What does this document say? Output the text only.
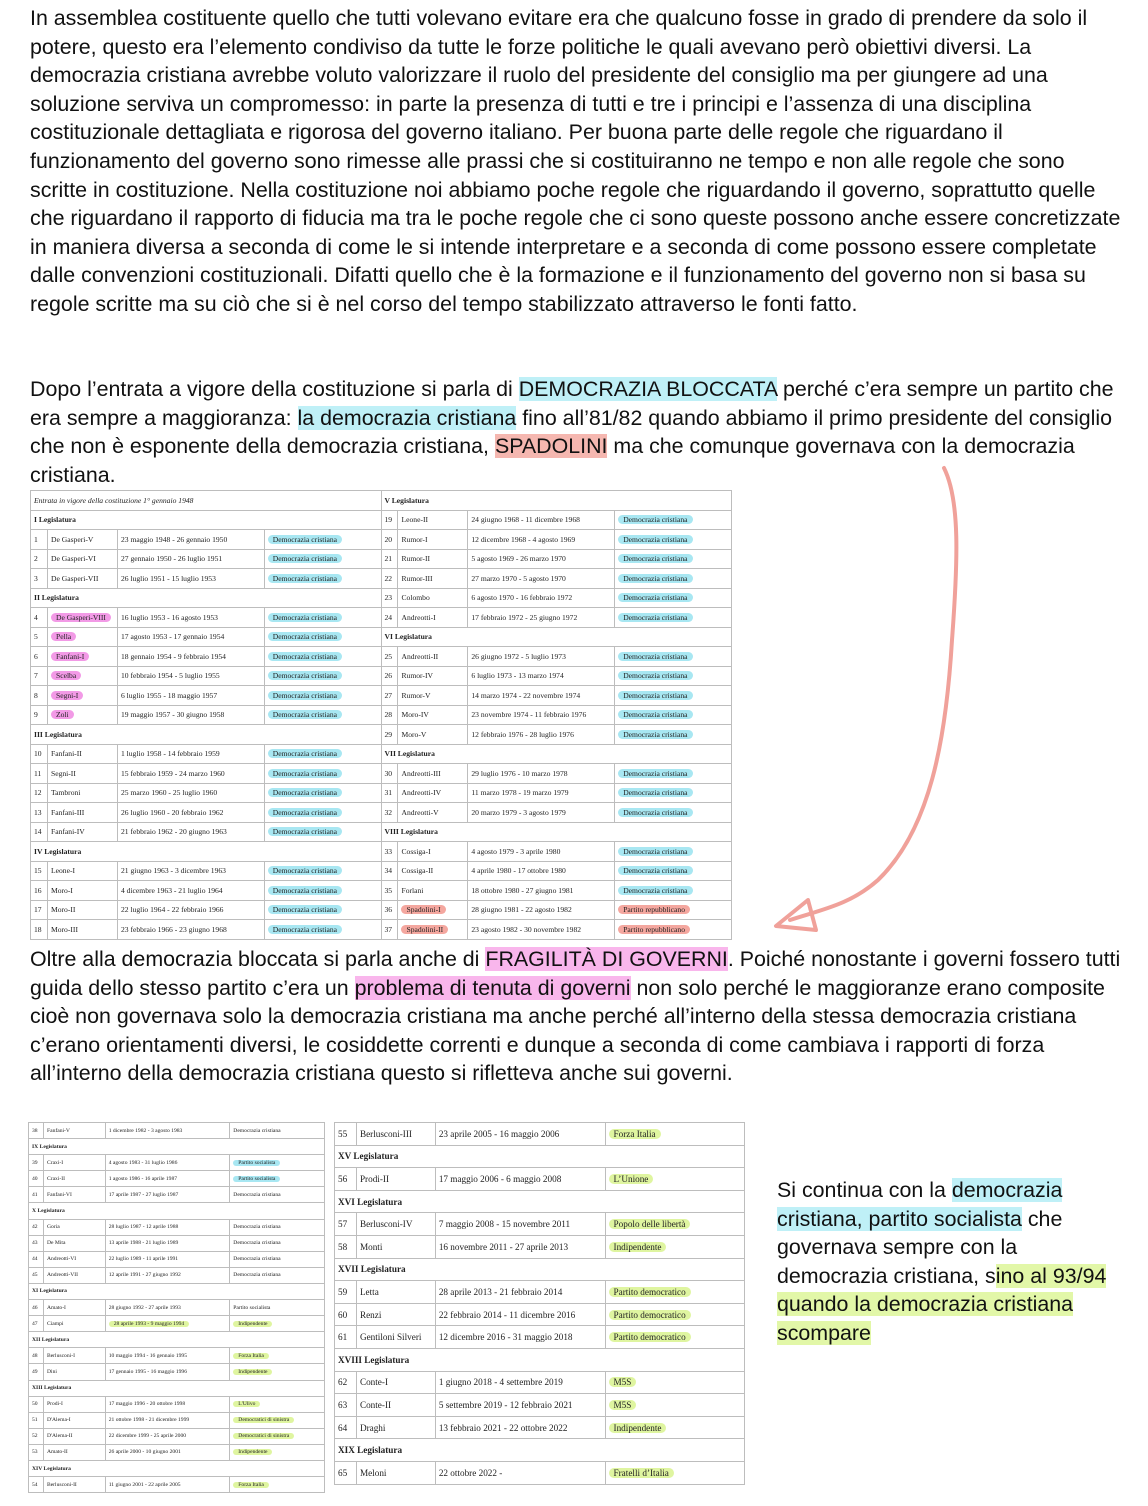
In assemblea costituente quello che tutti volevano evitare era che qualcuno fosse in grado di prendere da solo il potere, questo era l’elemento condiviso da tutte le forze politiche le quali avevano però obiettivi diversi. La democrazia cristiana avrebbe voluto valorizzare il ruolo del presidente del consiglio ma per giungere ad una soluzione serviva un compromesso: in parte la presenza di tutti e tre i principi e l’assenza di una disciplina costituzionale dettagliata e rigorosa del governo italiano. Per buona parte delle regole che riguardano il funzionamento del governo sono rimesse alle prassi che si costituiranno ne tempo e non alle regole che sono scritte in costituzione. Nella costituzione noi abbiamo poche regole che riguardando il governo, soprattutto quelle che riguardano il rapporto di fiducia ma tra le poche regole che ci sono queste possono anche essere concretizzate in maniera diversa a seconda di come le si intende interpretare e a seconda di come possono essere completate dalle convenzioni costituzionali. Difatti quello che è la formazione e il funzionamento del governo non si basa su regole scritte ma su ciò che si è nel corso del tempo stabilizzato attraverso le fonti fatto.

Dopo l’entrata a vigore della costituzione si parla di DEMOCRAZIA BLOCCATA perché c’era sempre un partito che era sempre a maggioranza: la democrazia cristiana fino all’81/82 quando abbiamo il primo presidente del consiglio che non è esponente della democrazia cristiana, SPADOLINI ma che comunque governava con la democrazia cristiana.

Entrata in vigore della costituzione 1° gennaio 1948				V Legislatura			
I Legislatura				19	Leone-II	24 giugno 1968 - 11 dicembre 1968	Democrazia cristiana
1	De Gasperi-V	23 maggio 1948 - 26 gennaio 1950	Democrazia cristiana	20	Rumor-I	12 dicembre 1968 - 4 agosto 1969	Democrazia cristiana
2	De Gasperi-VI	27 gennaio 1950 - 26 luglio 1951	Democrazia cristiana	21	Rumor-II	5 agosto 1969 - 26 marzo 1970	Democrazia cristiana
3	De Gasperi-VII	26 luglio 1951 - 15 luglio 1953	Democrazia cristiana	22	Rumor-III	27 marzo 1970 - 5 agosto 1970	Democrazia cristiana
II Legislatura				23	Colombo	6 agosto 1970 - 16 febbraio 1972	Democrazia cristiana
4	De Gasperi-VIII	16 luglio 1953 - 16 agosto 1953	Democrazia cristiana	24	Andreotti-I	17 febbraio 1972 - 25 giugno 1972	Democrazia cristiana
5	Pella	17 agosto 1953 - 17 gennaio 1954	Democrazia cristiana	VI Legislatura			
6	Fanfani-I	18 gennaio 1954 - 9 febbraio 1954	Democrazia cristiana	25	Andreotti-II	26 giugno 1972 - 5 luglio 1973	Democrazia cristiana
7	Scelba	10 febbraio 1954 - 5 luglio 1955	Democrazia cristiana	26	Rumor-IV	6 luglio 1973 - 13 marzo 1974	Democrazia cristiana
8	Segni-I	6 luglio 1955 - 18 maggio 1957	Democrazia cristiana	27	Rumor-V	14 marzo 1974 - 22 novembre 1974	Democrazia cristiana
9	Zoli	19 maggio 1957 - 30 giugno 1958	Democrazia cristiana	28	Moro-IV	23 novembre 1974 - 11 febbraio 1976	Democrazia cristiana
III Legislatura				29	Moro-V	12 febbraio 1976 - 28 luglio 1976	Democrazia cristiana
10	Fanfani-II	1 luglio 1958 - 14 febbraio 1959	Democrazia cristiana	VII Legislatura			
11	Segni-II	15 febbraio 1959 - 24 marzo 1960	Democrazia cristiana	30	Andreotti-III	29 luglio 1976 - 10 marzo 1978	Democrazia cristiana
12	Tambroni	25 marzo 1960 - 25 luglio 1960	Democrazia cristiana	31	Andreotti-IV	11 marzo 1978 - 19 marzo 1979	Democrazia cristiana
13	Fanfani-III	26 luglio 1960 - 20 febbraio 1962	Democrazia cristiana	32	Andreotti-V	20 marzo 1979 - 3 agosto 1979	Democrazia cristiana
14	Fanfani-IV	21 febbraio 1962 - 20 giugno 1963	Democrazia cristiana	VIII Legislatura			
IV Legislatura				33	Cossiga-I	4 agosto 1979 - 3 aprile 1980	Democrazia cristiana
15	Leone-I	21 giugno 1963 - 3 dicembre 1963	Democrazia cristiana	34	Cossiga-II	4 aprile 1980 - 17 ottobre 1980	Democrazia cristiana
16	Moro-I	4 dicembre 1963 - 21 luglio 1964	Democrazia cristiana	35	Forlani	18 ottobre 1980 - 27 giugno 1981	Democrazia cristiana
17	Moro-II	22 luglio 1964 - 22 febbraio 1966	Democrazia cristiana	36	Spadolini-I	28 giugno 1981 - 22 agosto 1982	Partito repubblicano
18	Moro-III	23 febbraio 1966 - 23 giugno 1968	Democrazia cristiana	37	Spadolini-II	23 agosto 1982 - 30 novembre 1982	Partito repubblicano

Oltre alla democrazia bloccata si parla anche di FRAGILITÀ DI GOVERNI. Poiché nonostante i governi fossero tutti guida dello stesso partito c’era un problema di tenuta di governi non solo perché le maggioranze erano composite cioè non governava solo la democrazia cristiana ma anche perché all’interno della stessa democrazia cristiana c’erano orientamenti diversi, le cosiddette correnti e dunque a seconda di come cambiava i rapporti di forza all’interno della democrazia cristiana questo si rifletteva anche sui governi.

38	Fanfani-V	1 dicembre 1982 - 3 agosto 1983	Democrazia cristiana
IX Legislatura			
39	Craxi-I	4 agosto 1983 - 31 luglio 1986	Partito socialista
40	Craxi-II	1 agosto 1986 - 16 aprile 1987	Partito socialista
41	Fanfani-VI	17 aprile 1987 - 27 luglio 1987	Democrazia cristiana
X Legislatura			
42	Goria	28 luglio 1987 - 12 aprile 1988	Democrazia cristiana
43	De Mita	13 aprile 1988 - 21 luglio 1989	Democrazia cristiana
44	Andreotti-VI	22 luglio 1989 - 11 aprile 1991	Democrazia cristiana
45	Andreotti-VII	12 aprile 1991 - 27 giugno 1992	Democrazia cristiana
XI Legislatura			
46	Amato-I	28 giugno 1992 - 27 aprile 1993	Partito socialista
47	Ciampi	28 aprile 1993 - 9 maggio 1994	Indipendente
XII Legislatura			
48	Berlusconi-I	10 maggio 1994 - 16 gennaio 1995	Forza Italia
49	Dini	17 gennaio 1995 - 16 maggio 1996	Indipendente
XIII Legislatura			
50	Prodi-I	17 maggio 1996 - 20 ottobre 1998	L'Ulivo
51	D'Alema-I	21 ottobre 1998 - 21 dicembre 1999	Democratici di sinistra
52	D'Alema-II	22 dicembre 1999 - 25 aprile 2000	Democratici di sinistra
53	Amato-II	26 aprile 2000 - 10 giugno 2001	Indipendente
XIV Legislatura			
54	Berlusconi-II	11 giugno 2001 - 22 aprile 2005	Forza Italia
55	Berlusconi-III	23 aprile 2005 - 16 maggio 2006	Forza Italia
XV Legislatura			
56	Prodi-II	17 maggio 2006 - 6 maggio 2008	L’Unione
XVI Legislatura			
57	Berlusconi-IV	7 maggio 2008 - 15 novembre 2011	Popolo delle libertà
58	Monti	16 novembre 2011 - 27 aprile 2013	Indipendente
XVII Legislatura			
59	Letta	28 aprile 2013 - 21 febbraio 2014	Partito democratico
60	Renzi	22 febbraio 2014 - 11 dicembre 2016	Partito democratico
61	Gentiloni Silveri	12 dicembre 2016 - 31 maggio 2018	Partito democratico
XVIII Legislatura			
62	Conte-I	1 giugno 2018 - 4 settembre 2019	M5S
63	Conte-II	5 settembre 2019 - 12 febbraio 2021	M5S
64	Draghi	13 febbraio 2021 - 22 ottobre 2022	Indipendente
XIX Legislatura			
65	Meloni	22 ottobre 2022 -	Fratelli d’Italia

Si continua con la democrazia cristiana, partito socialista che governava sempre con la democrazia cristiana, sino al 93/94 quando la democrazia cristiana scompare
